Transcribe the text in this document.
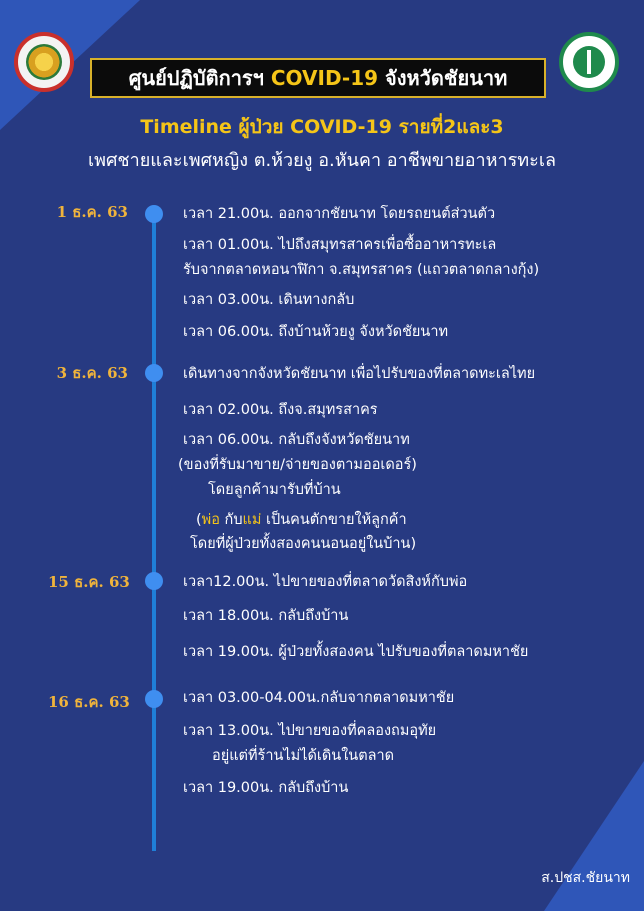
ศูนย์ปฏิบัติการฯ COVID-19 จังหวัดชัยนาท
Timeline ผู้ป่วย COVID-19 รายที่2และ3
เพศชายและเพศหญิง ต.ห้วยงู อ.หันคา อาชีพขายอาหารทะเล
1 ธ.ค. 63	เวลา 21.00น. ออกจากชัยนาท โดยรถยนต์ส่วนตัว
เวลา 01.00น. ไปถึงสมุทรสาครเพื่อซื้ออาหารทะเล
รับจากตลาดหอนาฬิกา จ.สมุทรสาคร (แถวตลาดกลางกุ้ง)
เวลา 03.00น. เดินทางกลับ
เวลา 06.00น. ถึงบ้านห้วยงู จังหวัดชัยนาท
3 ธ.ค. 63	เดินทางจากจังหวัดชัยนาท เพื่อไปรับของที่ตลาดทะเลไทย
เวลา 02.00น. ถึงจ.สมุทรสาคร
เวลา 06.00น. กลับถึงจังหวัดชัยนาท
(ของที่รับมาขาย/จ่ายของตามออเดอร์)
โดยลูกค้ามารับที่บ้าน
(พ่อ กับแม่ เป็นคนตักขายให้ลูกค้า
โดยที่ผู้ป่วยทั้งสองคนนอนอยู่ในบ้าน)
15 ธ.ค. 63	เวลา12.00น. ไปขายของที่ตลาดวัดสิงห์กับพ่อ
เวลา 18.00น. กลับถึงบ้าน
เวลา 19.00น. ผู้ป่วยทั้งสองคน ไปรับของที่ตลาดมหาชัย
16 ธ.ค. 63	เวลา 03.00-04.00น.กลับจากตลาดมหาชัย
เวลา 13.00น. ไปขายของที่คลองถมอุทัย
อยู่แต่ที่ร้านไม่ได้เดินในตลาด
เวลา 19.00น. กลับถึงบ้าน
ส.ปชส.ชัยนาท
